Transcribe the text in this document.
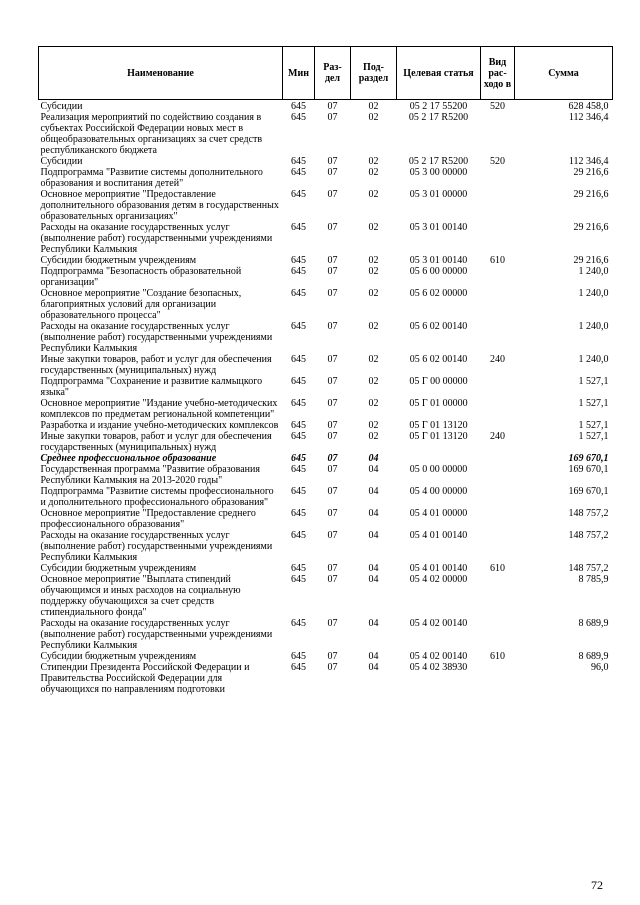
Наименование	Мин	Раз-дел	Под-раздел	Целевая статья	Вид рас-ходо в	Сумма
Субсидии	645	07	02	05 2 17 55200	520	628 458,0
Реализация мероприятий по содействию создания в субъектах Российской Федерации новых мест в общеобразовательных организациях за счет средств республиканского бюджета	645	07	02	05 2 17 R5200		112 346,4
Субсидии	645	07	02	05 2 17 R5200	520	112 346,4
Подпрограмма "Развитие системы дополнительного образования и воспитания детей"	645	07	02	05 3 00 00000		29 216,6
Основное мероприятие "Предоставление дополнительного образования детям в государственных образовательных организациях"	645	07	02	05 3 01 00000		29 216,6
Расходы на оказание государственных услуг (выполнение работ) государственными учреждениями Республики Калмыкия	645	07	02	05 3 01 00140		29 216,6
Субсидии бюджетным учреждениям	645	07	02	05 3 01 00140	610	29 216,6
Подпрограмма "Безопасность образовательной организации"	645	07	02	05 6 00 00000		1 240,0
Основное мероприятие "Создание безопасных, благоприятных условий для организации образовательного процесса"	645	07	02	05 6 02 00000		1 240,0
Расходы на оказание государственных услуг (выполнение работ) государственными учреждениями Республики Калмыкия	645	07	02	05 6 02 00140		1 240,0
Иные закупки товаров, работ и услуг для обеспечения государственных (муниципальных) нужд	645	07	02	05 6 02 00140	240	1 240,0
Подпрограмма "Сохранение и развитие калмыцкого языка"	645	07	02	05 Г 00 00000		1 527,1
Основное мероприятие "Издание учебно-методических комплексов по предметам региональной компетенции"	645	07	02	05 Г 01 00000		1 527,1
Разработка и издание учебно-методических комплексов	645	07	02	05 Г 01 13120		1 527,1
Иные закупки товаров, работ и услуг для обеспечения государственных (муниципальных) нужд	645	07	02	05 Г 01 13120	240	1 527,1
Среднее профессиональное образование	645	07	04			169 670,1
Государственная программа "Развитие образования Республики Калмыкия на 2013-2020 годы"	645	07	04	05 0 00 00000		169 670,1
Подпрограмма "Развитие системы профессионального и дополнительного профессионального образования"	645	07	04	05 4 00 00000		169 670,1
Основное мероприятие "Предоставление среднего профессионального образования"	645	07	04	05 4 01 00000		148 757,2
Расходы на оказание государственных услуг (выполнение работ) государственными учреждениями Республики Калмыкия	645	07	04	05 4 01 00140		148 757,2
Субсидии бюджетным учреждениям	645	07	04	05 4 01 00140	610	148 757,2
Основное мероприятие "Выплата стипендий обучающимся и иных расходов на социальную поддержку обучающихся за счет средств стипендиального фонда"	645	07	04	05 4 02 00000		8 785,9
Расходы на оказание государственных услуг (выполнение работ) государственными учреждениями Республики Калмыкия	645	07	04	05 4 02 00140		8 689,9
Субсидии бюджетным учреждениям	645	07	04	05 4 02 00140	610	8 689,9
Стипендии Президента Российской Федерации и Правительства Российской Федерации для обучающихся по направлениям подготовки	645	07	04	05 4 02 38930		96,0
72
